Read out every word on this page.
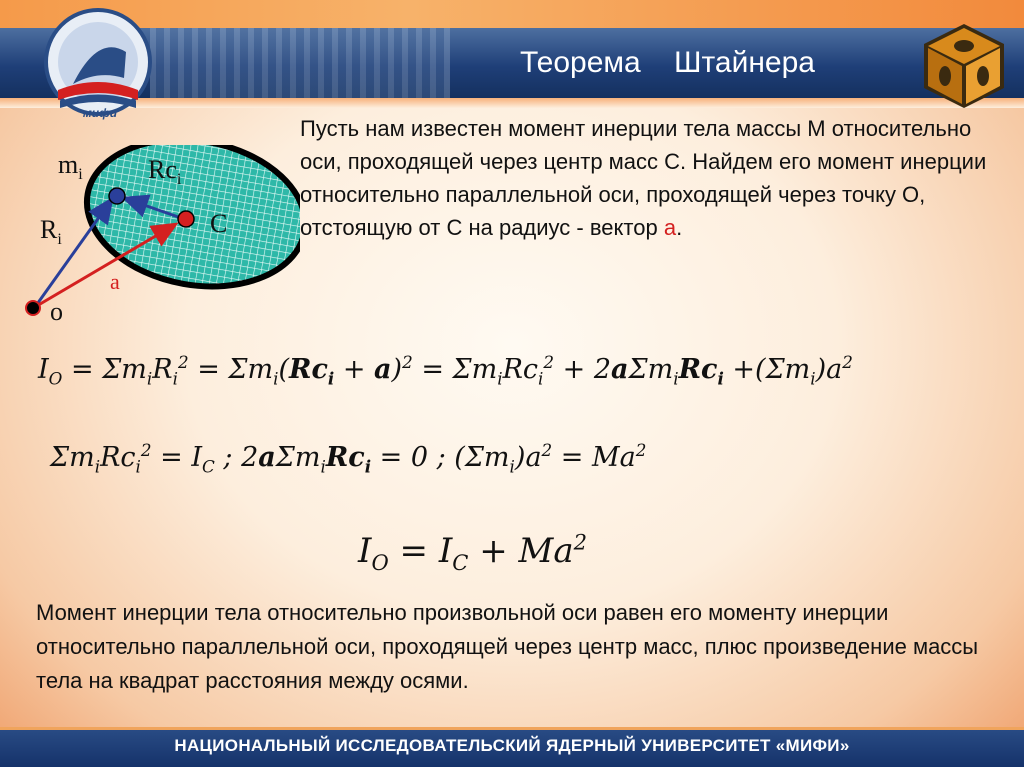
мифи
Теорема    Штайнера
Пусть нам известен момент инерции тела массы М относительно оси, проходящей через центр масс С. Найдем его момент инерции относительно параллельной оси, проходящей через точку О, отстоящую от С на радиус - вектор а.
$m_i$	$Rc_i$
$R_i$
C
a
o
$I_O = \Sigma m_iR_i^2 = \Sigma m_i(Rc_i + a)^2 = \Sigma m_iRc_i^2 + 2a\Sigma m_iRc_i +(\Sigma m_i)a^2$
$\Sigma m_iRc_i^2 = I_C$ ; $2a\Sigma m_iRc_i = 0$ ; $(\Sigma m_i)a^2 = Ma^2$
$I_O = I_C + Ma^2$
Момент инерции тела относительно произвольной оси равен его моменту инерции относительно параллельной оси, проходящей через центр масс, плюс произведение массы тела на квадрат расстояния между осями.
НАЦИОНАЛЬНЫЙ ИССЛЕДОВАТЕЛЬСКИЙ ЯДЕРНЫЙ УНИВЕРСИТЕТ «МИФИ»
